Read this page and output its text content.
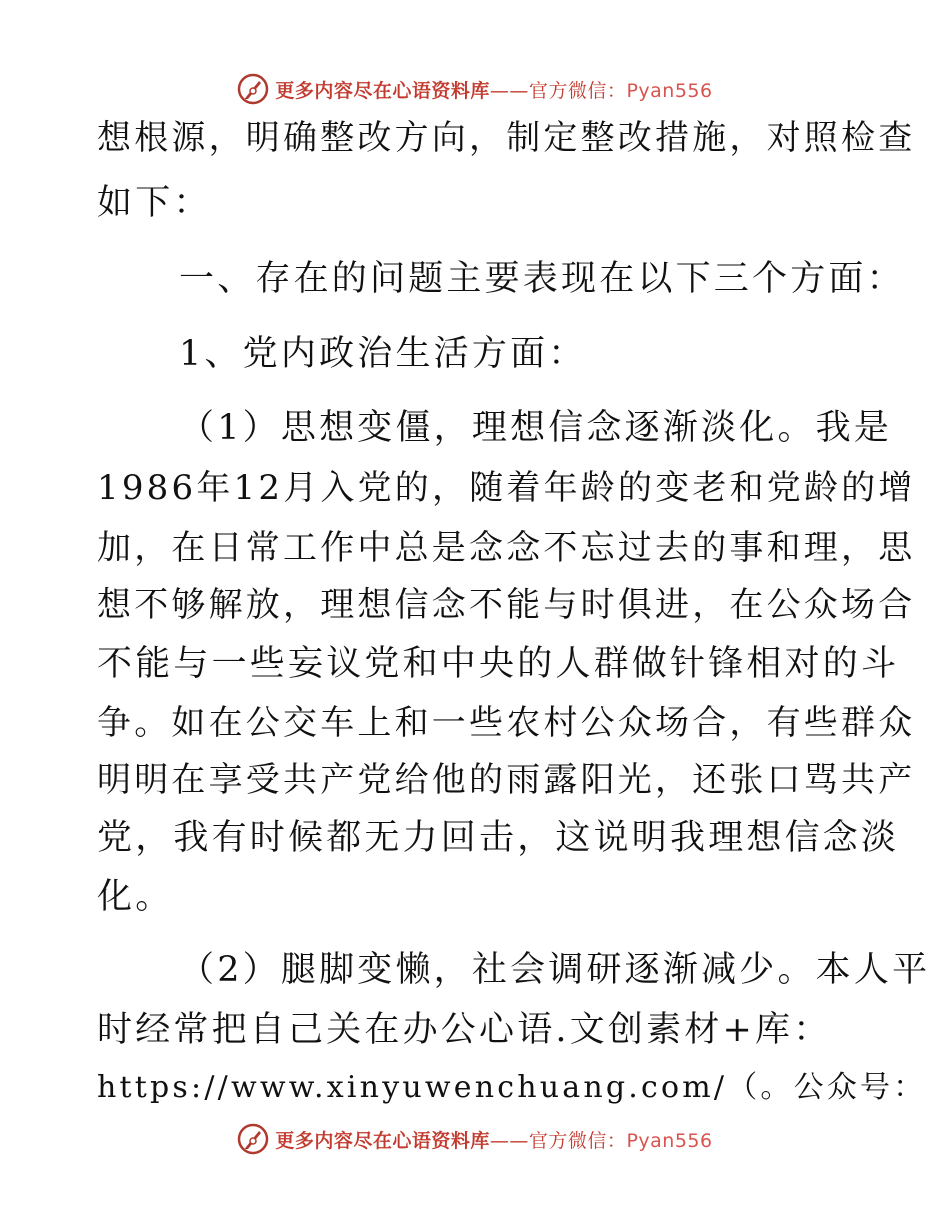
更多内容尽在心语资料库——官方微信：Pyan556
想根源，明确整改方向，制定整改措施，对照检查
如下：
一、存在的问题主要表现在以下三个方面：
1、党内政治生活方面：
（1）思想变僵，理想信念逐渐淡化。我是
1986年12月入党的，随着年龄的变老和党龄的增
加，在日常工作中总是念念不忘过去的事和理，思
想不够解放，理想信念不能与时俱进，在公众场合
不能与一些妄议党和中央的人群做针锋相对的斗
争。如在公交车上和一些农村公众场合，有些群众
明明在享受共产党给他的雨露阳光，还张口骂共产
党，我有时候都无力回击，这说明我理想信念淡
化。
（2）腿脚变懒，社会调研逐渐减少。本人平
时经常把自己关在办公心语.文创素材+库：
https://www.xinyuwenchuang.com/（。公众号：
更多内容尽在心语资料库——官方微信：Pyan556
